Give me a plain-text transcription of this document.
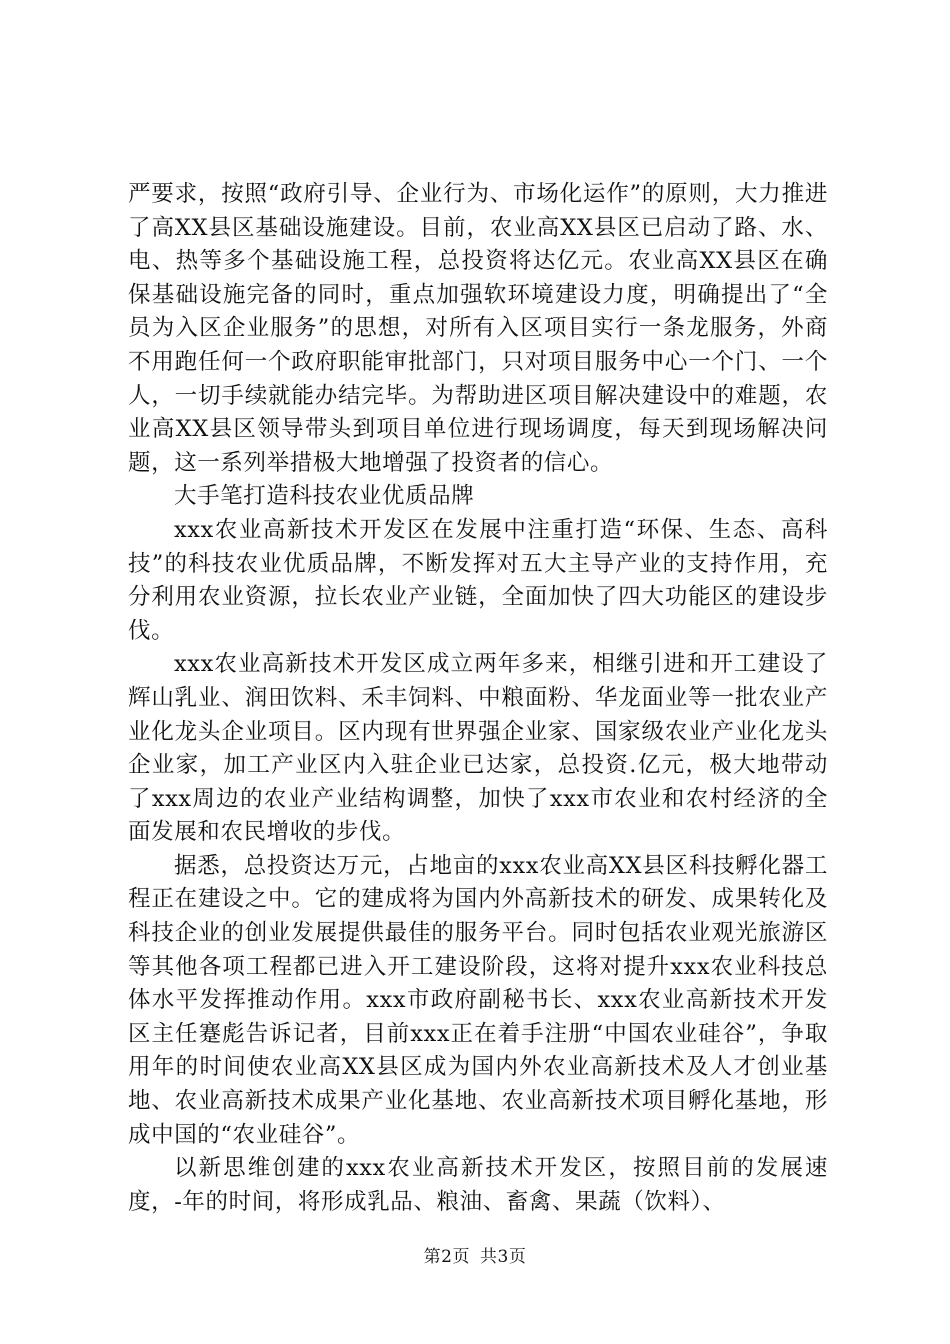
严要求，按照“政府引导、企业行为、市场化运作”的原则，大力推进了高XX县区基础设施建设。目前，农业高XX县区已启动了路、水、电、热等多个基础设施工程，总投资将达亿元。农业高XX县区在确保基础设施完备的同时，重点加强软环境建设力度，明确提出了“全员为入区企业服务”的思想，对所有入区项目实行一条龙服务，外商不用跑任何一个政府职能审批部门，只对项目服务中心一个门、一个人，一切手续就能办结完毕。为帮助进区项目解决建设中的难题，农业高XX县区领导带头到项目单位进行现场调度，每天到现场解决问题，这一系列举措极大地增强了投资者的信心。

大手笔打造科技农业优质品牌

xxx农业高新技术开发区在发展中注重打造“环保、生态、高科技”的科技农业优质品牌，不断发挥对五大主导产业的支持作用，充分利用农业资源，拉长农业产业链，全面加快了四大功能区的建设步伐。

xxx农业高新技术开发区成立两年多来，相继引进和开工建设了辉山乳业、润田饮料、禾丰饲料、中粮面粉、华龙面业等一批农业产业化龙头企业项目。区内现有世界强企业家、国家级农业产业化龙头企业家，加工产业区内入驻企业已达家，总投资.亿元，极大地带动了xxx周边的农业产业结构调整，加快了xxx市农业和农村经济的全面发展和农民增收的步伐。

据悉，总投资达万元，占地亩的xxx农业高XX县区科技孵化器工程正在建设之中。它的建成将为国内外高新技术的研发、成果转化及科技企业的创业发展提供最佳的服务平台。同时包括农业观光旅游区等其他各项工程都已进入开工建设阶段，这将对提升xxx农业科技总体水平发挥推动作用。xxx市政府副秘书长、xxx农业高新技术开发区主任蹇彪告诉记者，目前xxx正在着手注册“中国农业硅谷”，争取用年的时间使农业高XX县区成为国内外农业高新技术及人才创业基地、农业高新技术成果产业化基地、农业高新技术项目孵化基地，形成中国的“农业硅谷”。

以新思维创建的xxx农业高新技术开发区，按照目前的发展速度，-年的时间，将形成乳品、粮油、畜禽、果蔬（饮料）、

第2页 共3页
